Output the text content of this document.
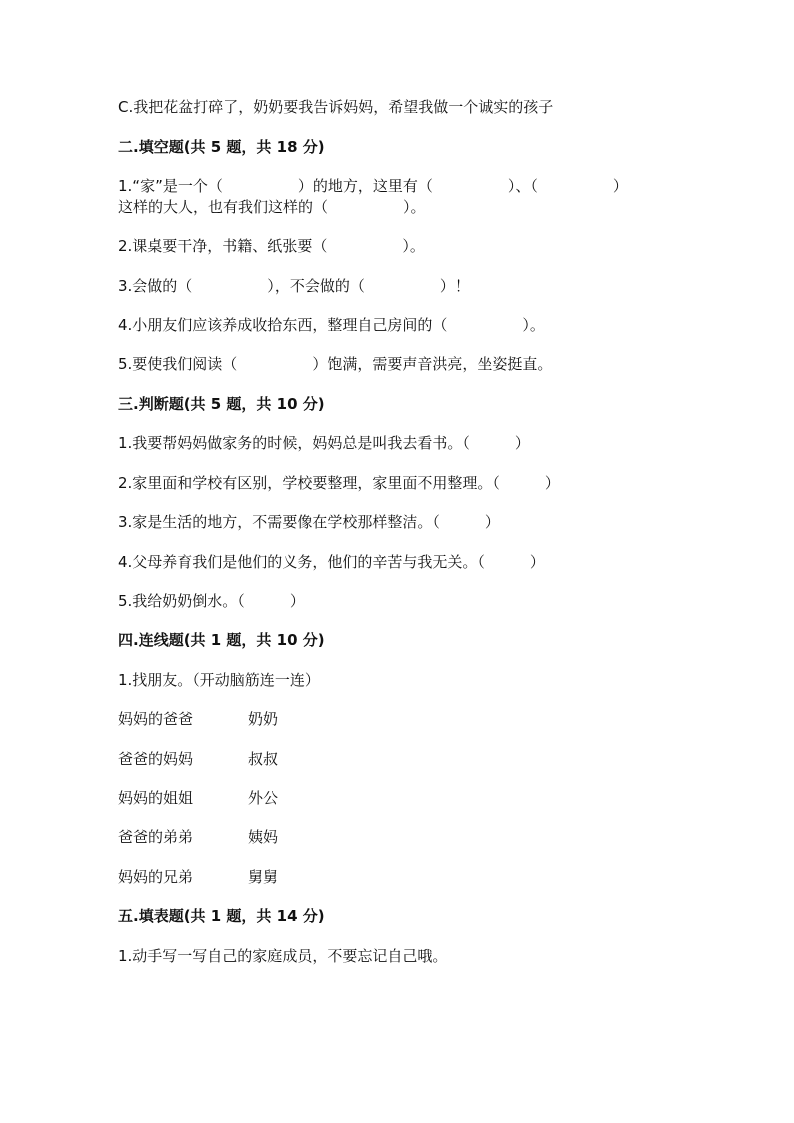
C.我把花盆打碎了，奶奶要我告诉妈妈，希望我做一个诚实的孩子
二.填空题(共 5 题，共 18 分)
1.“家”是一个（　　　　　）的地方，这里有（　　　　　）、（　　　　　）
这样的大人，也有我们这样的（　　　　　）。
2.课桌要干净，书籍、纸张要（　　　　　）。
3.会做的（　　　　　），不会做的（　　　　　）！
4.小朋友们应该养成收拾东西，整理自己房间的（　　　　　）。
5.要使我们阅读（　　　　　）饱满，需要声音洪亮，坐姿挺直。
三.判断题(共 5 题，共 10 分)
1.我要帮妈妈做家务的时候，妈妈总是叫我去看书。（　　　）
2.家里面和学校有区别，学校要整理，家里面不用整理。（　　　）
3.家是生活的地方，不需要像在学校那样整洁。（　　　）
4.父母养育我们是他们的义务，他们的辛苦与我无关。（　　　）
5.我给奶奶倒水。（　　　）
四.连线题(共 1 题，共 10 分)
1.找朋友。（开动脑筋连一连）
妈妈的爸爸	奶奶
爸爸的妈妈	叔叔
妈妈的姐姐	外公
爸爸的弟弟	姨妈
妈妈的兄弟	舅舅
五.填表题(共 1 题，共 14 分)
1.动手写一写自己的家庭成员，不要忘记自己哦。
